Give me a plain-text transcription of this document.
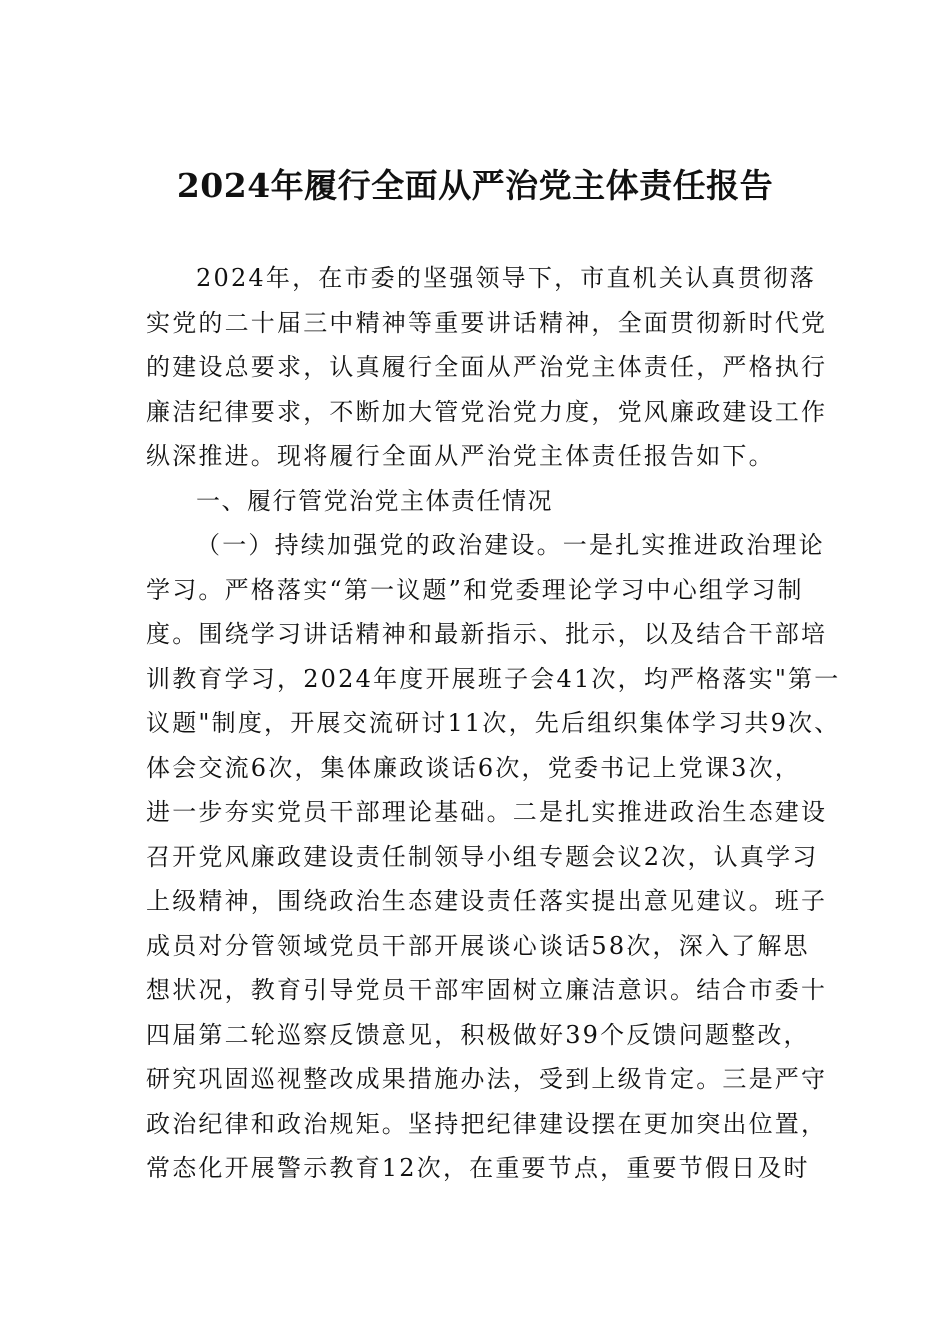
2024年履行全面从严治党主体责任报告
2024年，在市委的坚强领导下，市直机关认真贯彻落
实党的二十届三中精神等重要讲话精神，全面贯彻新时代党
的建设总要求，认真履行全面从严治党主体责任，严格执行
廉洁纪律要求，不断加大管党治党力度，党风廉政建设工作
纵深推进。现将履行全面从严治党主体责任报告如下。
一、履行管党治党主体责任情况
（一）持续加强党的政治建设。一是扎实推进政治理论
学习。严格落实“第一议题”和党委理论学习中心组学习制
度。围绕学习讲话精神和最新指示、批示，以及结合干部培
训教育学习，2024年度开展班子会41次，均严格落实"第一
议题"制度，开展交流研讨11次，先后组织集体学习共9次、
体会交流6次，集体廉政谈话6次，党委书记上党课3次，
进一步夯实党员干部理论基础。二是扎实推进政治生态建设
召开党风廉政建设责任制领导小组专题会议2次，认真学习
上级精神，围绕政治生态建设责任落实提出意见建议。班子
成员对分管领域党员干部开展谈心谈话58次，深入了解思
想状况，教育引导党员干部牢固树立廉洁意识。结合市委十
四届第二轮巡察反馈意见，积极做好39个反馈问题整改，
研究巩固巡视整改成果措施办法，受到上级肯定。三是严守
政治纪律和政治规矩。坚持把纪律建设摆在更加突出位置，
常态化开展警示教育12次，在重要节点，重要节假日及时
